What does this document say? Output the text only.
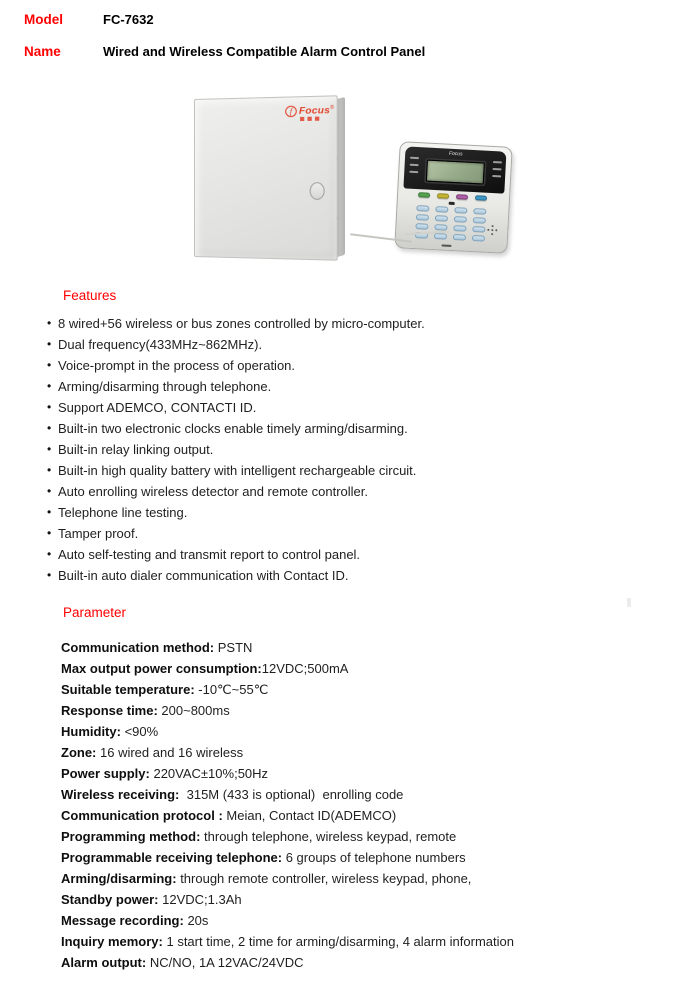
Model	FC-7632
Name	Wired and Wireless Compatible Alarm Control Panel
f Focus ®
Focus
Features
• 8 wired+56 wireless or bus zones controlled by micro-computer.
• Dual frequency(433MHz~862MHz).
• Voice-prompt in the process of operation.
• Arming/disarming through telephone.
• Support ADEMCO, CONTACTI ID.
• Built-in two electronic clocks enable timely arming/disarming.
• Built-in relay linking output.
• Built-in high quality battery with intelligent rechargeable circuit.
• Auto enrolling wireless detector and remote controller.
• Telephone line testing.
• Tamper proof.
• Auto self-testing and transmit report to control panel.
• Built-in auto dialer communication with Contact ID.
Parameter
Communication method: PSTN
Max output power consumption:12VDC;500mA
Suitable temperature: -10℃~55℃
Response time: 200~800ms
Humidity: <90%
Zone: 16 wired and 16 wireless
Power supply: 220VAC±10%;50Hz
Wireless receiving:  315M (433 is optional)  enrolling code
Communication protocol : Meian, Contact ID(ADEMCO)
Programming method: through telephone, wireless keypad, remote
Programmable receiving telephone: 6 groups of telephone numbers
Arming/disarming: through remote controller, wireless keypad, phone,
Standby power: 12VDC;1.3Ah
Message recording: 20s
Inquiry memory: 1 start time, 2 time for arming/disarming, 4 alarm information
Alarm output: NC/NO, 1A 12VAC/24VDC
